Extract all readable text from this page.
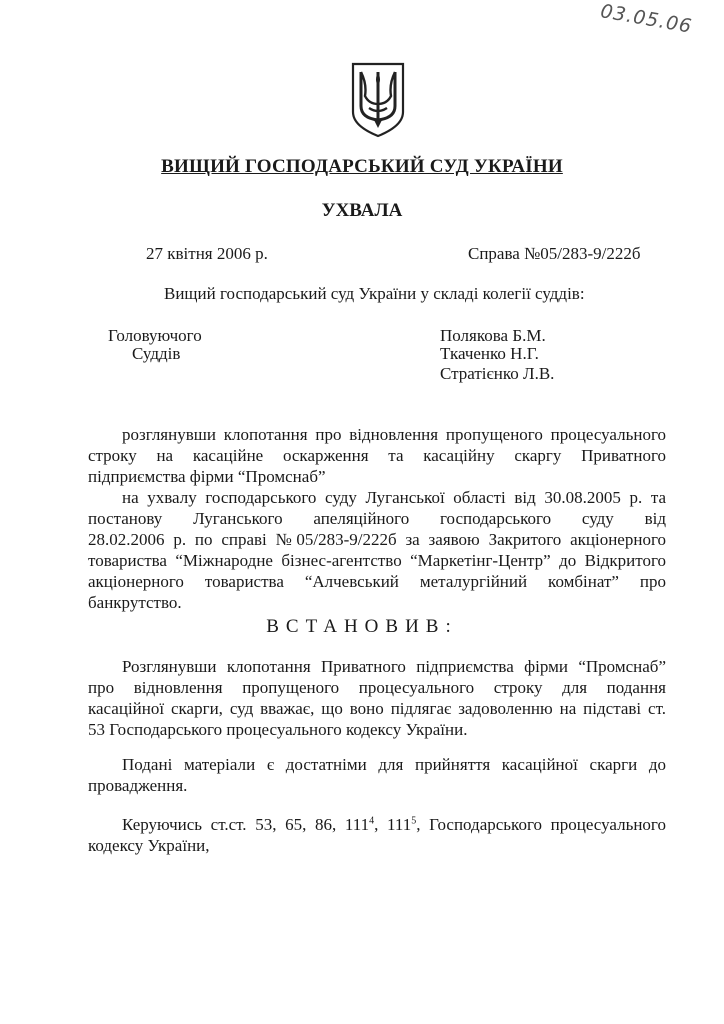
03.05.06
ВИЩИЙ ГОСПОДАРСЬКИЙ СУД УКРАЇНИ
УХВАЛА
27 квітня 2006 р.	Справа №05/283-9/222б
Вищий господарський суд України у складі колегії суддів:
Головуючого
Суддів
Полякова Б.М.
Ткаченко Н.Г.
Стратієнко Л.В.
розглянувши клопотання про відновлення пропущеного процесуального
строку на касаційне оскарження та касаційну скаргу Приватного
підприємства фірми “Промснаб”
на ухвалу господарського суду Луганської області від 30.08.2005 р. та
постанову Луганського апеляційного господарського суду від
28.02.2006 р. по справі №05/283-9/222б за заявою Закритого акціонерного
товариства “Міжнародне бізнес-агентство “Маркетінг-Центр” до Відкритого
акціонерного товариства “Алчевський металургійний комбінат” про
банкрутство.
ВСТАНОВИВ:
Розглянувши клопотання Приватного підприємства фірми “Промснаб”
про відновлення пропущеного процесуального строку для подання
касаційної скарги, суд вважає, що воно підлягає задоволенню на підставі ст.
53 Господарського процесуального кодексу України.
Подані матеріали є достатніми для прийняття касаційної скарги до
провадження.
Керуючись ст.ст. 53, 65, 86, $111^4$, $111^5$, Господарського процесуального
кодексу України,
